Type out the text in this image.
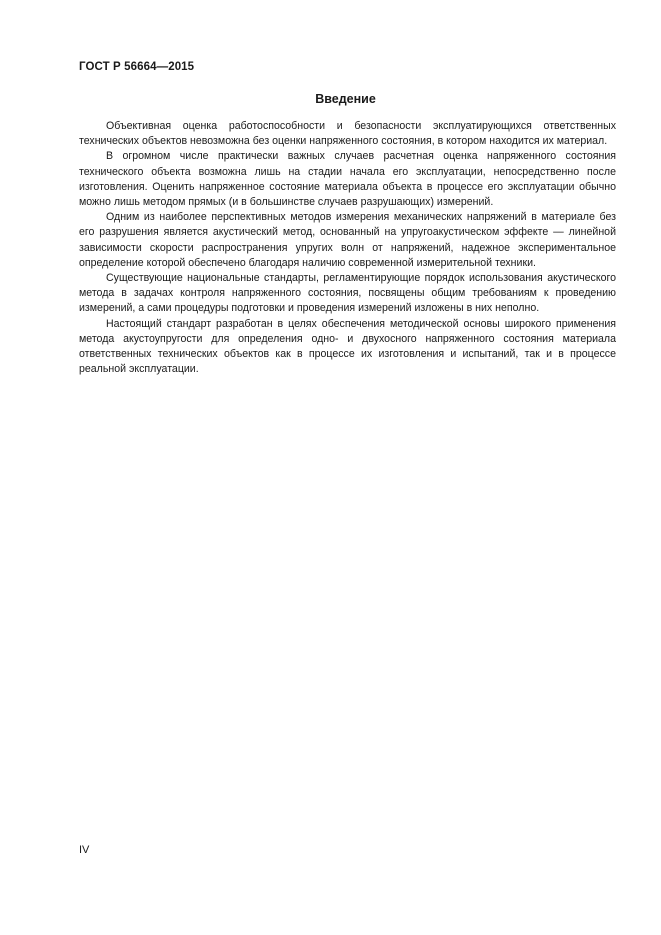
ГОСТ Р 56664—2015
Введение

Объективная оценка работоспособности и безопасности эксплуатирующихся ответственных технических объектов невозможна без оценки напряженного состояния, в котором находится их материал.

В огромном числе практически важных случаев расчетная оценка напряженного состояния технического объекта возможна лишь на стадии начала его эксплуатации, непосредственно после изготовления. Оценить напряженное состояние материала объекта в процессе его эксплуатации обычно можно лишь методом прямых (и в большинстве случаев разрушающих) измерений.

Одним из наиболее перспективных методов измерения механических напряжений в материале без его разрушения является акустический метод, основанный на упругоакустическом эффекте — линейной зависимости скорости распространения упругих волн от напряжений, надежное экспериментальное определение которой обеспечено благодаря наличию современной измерительной техники.

Существующие национальные стандарты, регламентирующие порядок использования акустического метода в задачах контроля напряженного состояния, посвящены общим требованиям к проведению измерений, а сами процедуры подготовки и проведения измерений изложены в них неполно.

Настоящий стандарт разработан в целях обеспечения методической основы широкого применения метода акустоупругости для определения одно- и двухосного напряженного состояния материала ответственных технических объектов как в процессе их изготовления и испытаний, так и в процессе реальной эксплуатации.

IV
